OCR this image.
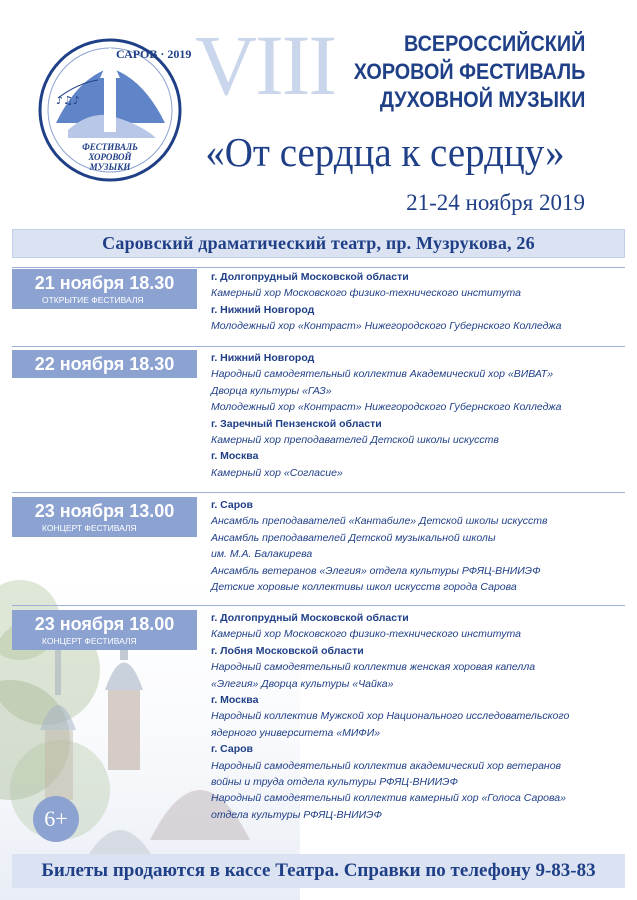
♪♫♪
САРОВ · 2019
ФЕСТИВАЛЬ
ХОРОВОЙ
МУЗЫКИ
VIII	ВСЕРОССИЙСКИЙ
ХОРОВОЙ ФЕСТИВАЛЬ
ДУХОВНОЙ МУЗЫКИ
«От сердца к сердцу»
21-24 ноября 2019
Саровский драматический театр, пр. Музрукова, 26
21 ноября 18.30
ОТКРЫТИЕ ФЕСТИВАЛЯ
г. Долгопрудный Московской области
Камерный хор Московского физико-технического института
г. Нижний Новгород
Молодежный хор «Контраст» Нижегородского Губернского Колледжа
22 ноября 18.30	г. Нижний Новгород
Народный самодеятельный коллектив Академический хор «ВИВАТ»
Дворца культуры «ГАЗ»
Молодежный хор «Контраст» Нижегородского Губернского Колледжа
г. Заречный Пензенской области
Камерный хор преподавателей Детской школы искусств
г. Москва
Камерный хор «Согласие»
23 ноября 13.00
КОНЦЕРТ ФЕСТИВАЛЯ
г. Саров
Ансамбль преподавателей «Кантабиле» Детской школы искусств
Ансамбль преподавателей Детской музыкальной школы
им. М.А. Балакирева
Ансамбль ветеранов «Элегия» отдела культуры РФЯЦ-ВНИИЭФ
Детские хоровые коллективы школ искусств города Сарова
23 ноября 18.00
КОНЦЕРТ ФЕСТИВАЛЯ
г. Долгопрудный Московской области
Камерный хор Московского физико-технического института
г. Лобня Московской области
Народный самодеятельный коллектив женская хоровая капелла
«Элегия» Дворца культуры «Чайка»
г. Москва
Народный коллектив Мужской хор Национального исследовательского
ядерного университета «МИФИ»
г. Саров
Народный самодеятельный коллектив академический хор ветеранов
войны и труда отдела культуры РФЯЦ-ВНИИЭФ
Народный самодеятельный коллектив камерный хор «Голоса Сарова»
отдела культуры РФЯЦ-ВНИИЭФ
6+
Билеты продаются в кассе Театра. Справки по телефону 9-83-83
